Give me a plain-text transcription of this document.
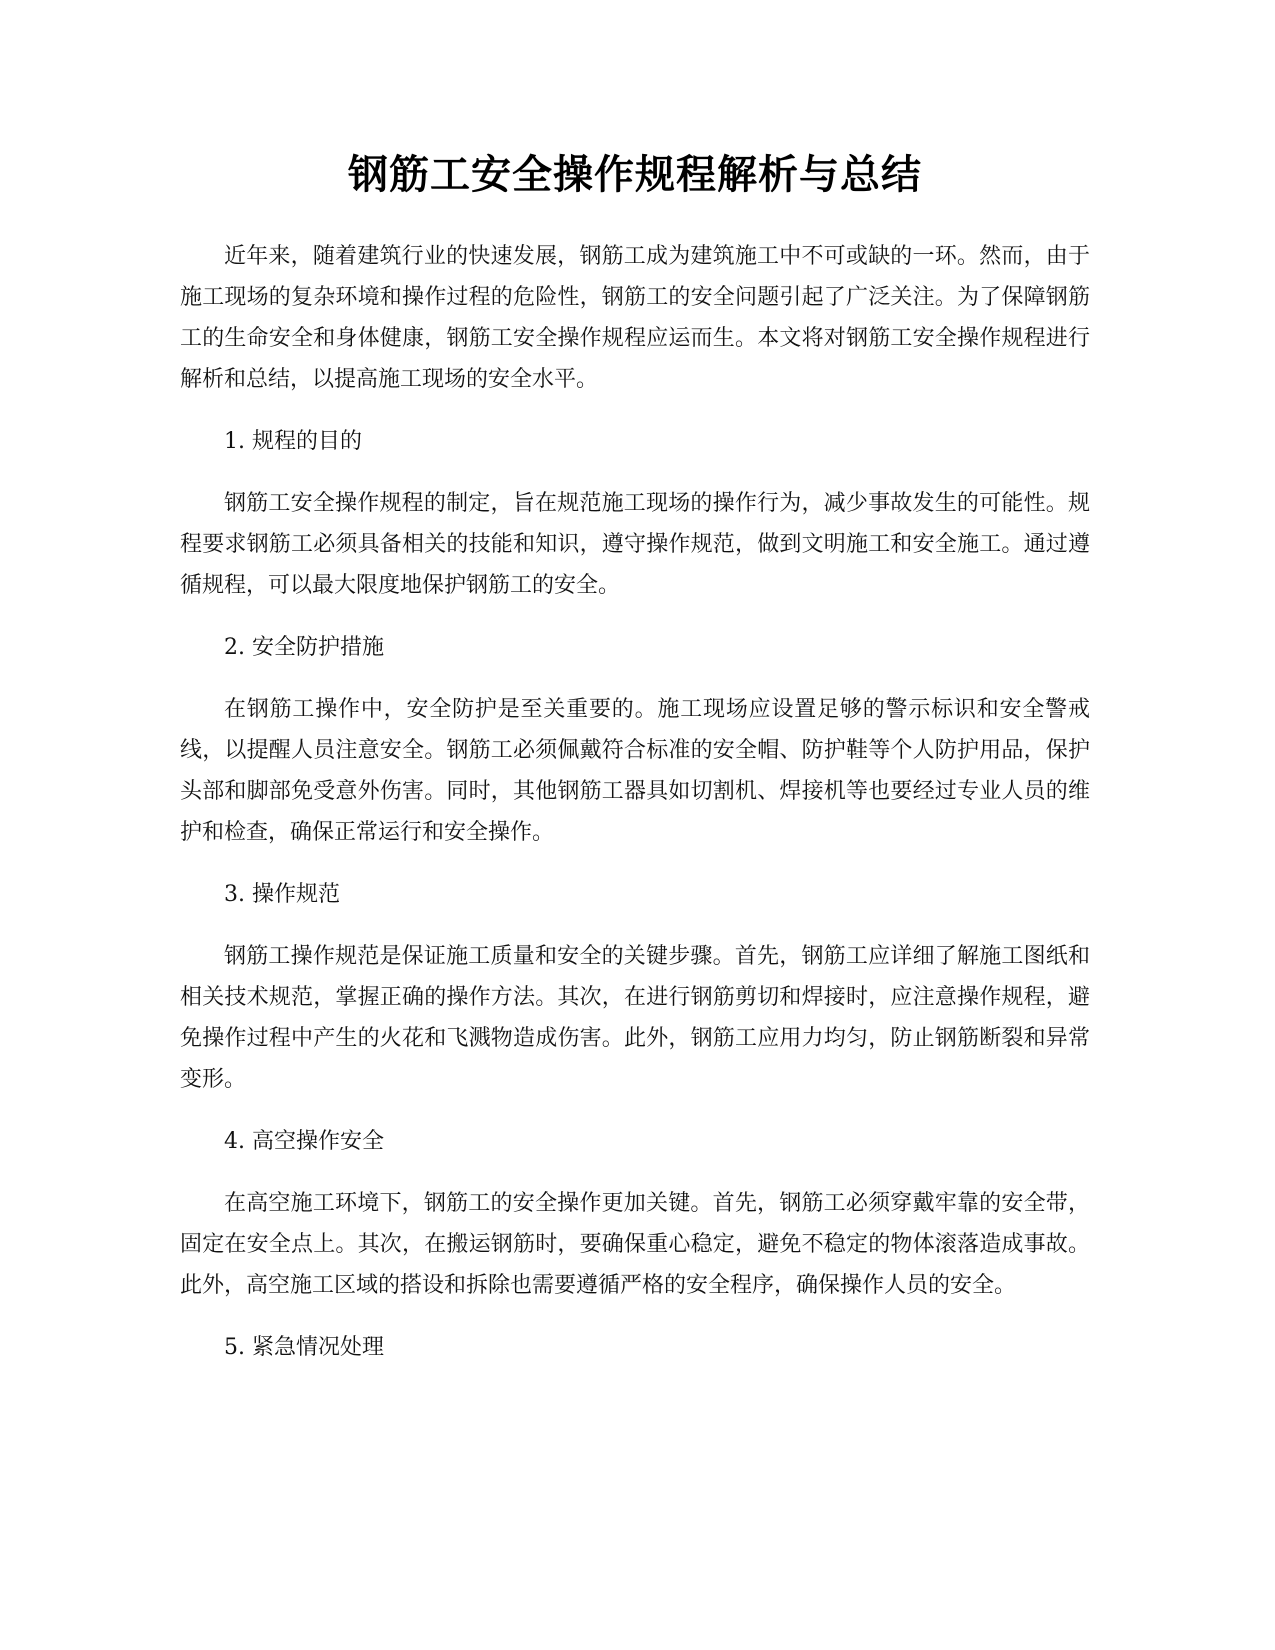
钢筋工安全操作规程解析与总结

近年来，随着建筑行业的快速发展，钢筋工成为建筑施工中不可或缺的一环。然而，由于施工现场的复杂环境和操作过程的危险性，钢筋工的安全问题引起了广泛关注。为了保障钢筋工的生命安全和身体健康，钢筋工安全操作规程应运而生。本文将对钢筋工安全操作规程进行解析和总结，以提高施工现场的安全水平。

1. 规程的目的

钢筋工安全操作规程的制定，旨在规范施工现场的操作行为，减少事故发生的可能性。规程要求钢筋工必须具备相关的技能和知识，遵守操作规范，做到文明施工和安全施工。通过遵循规程，可以最大限度地保护钢筋工的安全。

2. 安全防护措施

在钢筋工操作中，安全防护是至关重要的。施工现场应设置足够的警示标识和安全警戒线，以提醒人员注意安全。钢筋工必须佩戴符合标准的安全帽、防护鞋等个人防护用品，保护头部和脚部免受意外伤害。同时，其他钢筋工器具如切割机、焊接机等也要经过专业人员的维护和检查，确保正常运行和安全操作。

3. 操作规范

钢筋工操作规范是保证施工质量和安全的关键步骤。首先，钢筋工应详细了解施工图纸和相关技术规范，掌握正确的操作方法。其次，在进行钢筋剪切和焊接时，应注意操作规程，避免操作过程中产生的火花和飞溅物造成伤害。此外，钢筋工应用力均匀，防止钢筋断裂和异常变形。

4. 高空操作安全

在高空施工环境下，钢筋工的安全操作更加关键。首先，钢筋工必须穿戴牢靠的安全带，固定在安全点上。其次，在搬运钢筋时，要确保重心稳定，避免不稳定的物体滚落造成事故。此外，高空施工区域的搭设和拆除也需要遵循严格的安全程序，确保操作人员的安全。

5. 紧急情况处理
